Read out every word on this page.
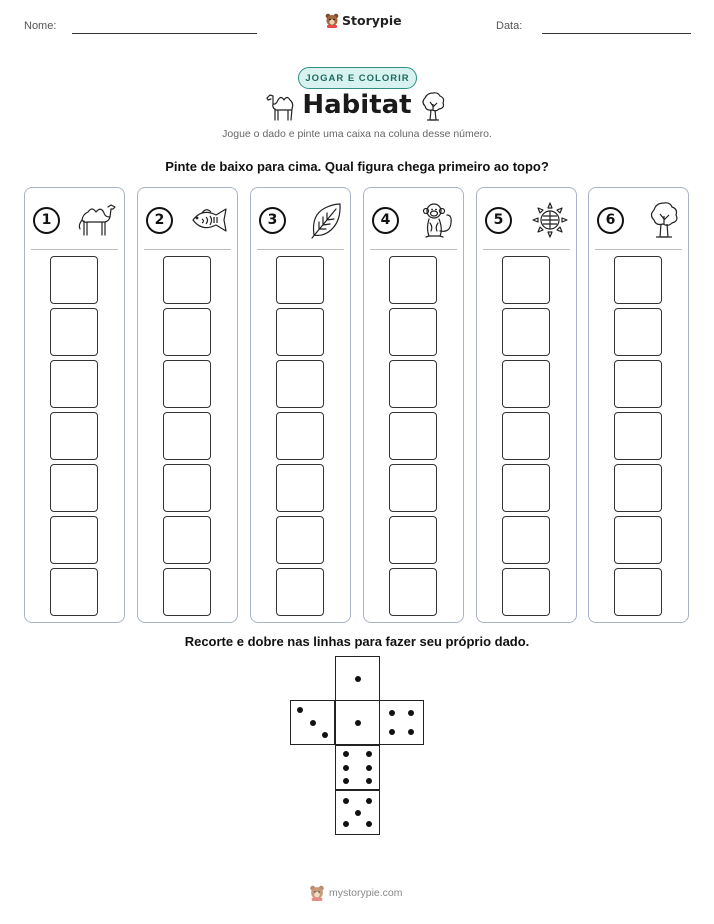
Nome:	Storypie	Data:
JOGAR E COLORIR
Habitat
Jogue o dado e pinte uma caixa na coluna desse número.
Pinte de baixo para cima. Qual figura chega primeiro ao topo?
1	2	3	4	5	6
Recorte e dobre nas linhas para fazer seu próprio dado.
mystorypie.com
